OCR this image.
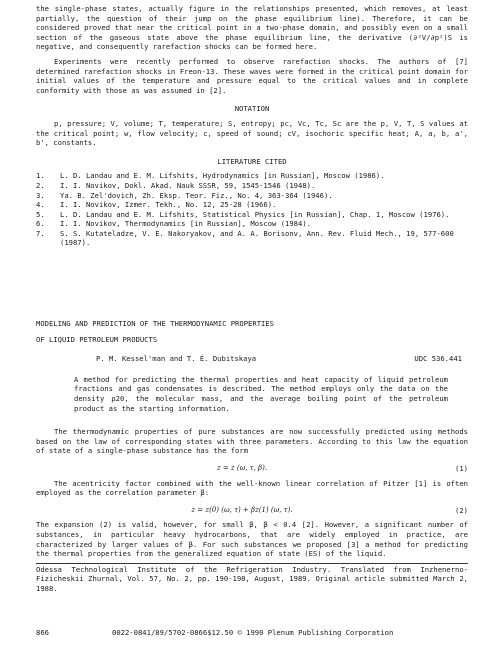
the single-phase states, actually figure in the relationships presented, which removes, at least partially, the question of their jump on the phase equilibrium line). Therefore, it can be considered proved that near the critical point in a two-phase domain, and possibly even on a small section of the gaseous state above the phase equilibrium line, the derivative (∂²V/∂p²)S is negative, and consequently rarefaction shocks can be formed here.

Experiments were recently performed to observe rarefaction shocks. The authors of [7] determined rarefaction shocks in Freon-13. These waves were formed in the critical point domain for initial values of the temperature and pressure equal to the critical values and in complete conformity with those as was assumed in [2].

NOTATION

p, pressure; V, volume; T, temperature; S, entropy; pc, Vc, Tc, Sc are the p, V, T, S values at the critical point; w, flow velocity; c, speed of sound; cV, isochoric specific heat; A, a, b, a', b', constants.

LITERATURE CITED
1.	L. D. Landau and E. M. Lifshits, Hydrodynamics [in Russian], Moscow (1986).
2.	I. I. Novikov, Dokl. Akad. Nauk SSSR, 59, 1545-1546 (1948).
3.	Ya. B. Zel'dovich, Zh. Eksp. Teor. Fiz., No. 4, 363-364 (1946).
4.	I. I. Novikov, Izmer. Tekh., No. 12, 25-28 (1966).
5.	L. D. Landau and E. M. Lifshits, Statistical Physics [in Russian], Chap. 1, Moscow (1976).
6.	I. I. Novikov, Thermodynamics [in Russian], Moscow (1984).
7.	S. S. Kutateladze, V. E. Nakoryakov, and A. A. Borisonv, Ann. Rev. Fluid Mech., 19, 577-600 (1987).
MODELING AND PREDICTION OF THE THERMODYNAMIC PROPERTIES
OF LIQUID PETROLEUM PRODUCTS
P. M. Kessel'man and T. É. Dubitskaya	UDC 536.441

A method for predicting the thermal properties and heat capacity of liquid petroleum fractions and gas condensates is described. The method employs only the data on the density ρ20, the molecular mass, and the average boiling point of the petroleum product as the starting information.

The thermodynamic properties of pure substances are now successfully predicted using methods based on the law of corresponding states with three parameters. According to this law the equation of state of a single-phase substance has the form

z = z (ω, τ, β).	(1)

The acentricity factor combined with the well-known linear correlation of Pitzer [1] is often employed as the correlation parameter β:

z = z(0) (ω, τ) + βz(1) (ω, τ).	(2)

The expansion (2) is valid, however, for small β, β < 0.4 [2]. However, a significant number of substances, in particular heavy hydrocarbons, that are widely employed in practice, are characterized by larger values of β. For such substances we proposed [3] a method for predicting the thermal properties from the generalized equation of state (ES) of the liquid.

Odessa Technological Institute of the Refrigeration Industry. Translated from Inzhenerno-Fizicheskii Zhurnal, Vol. 57, No. 2, pp. 190-198, August, 1989. Original article submitted March 2, 1988.

866	0022-0841/89/5702-0866$12.50 © 1990 Plenum Publishing Corporation
